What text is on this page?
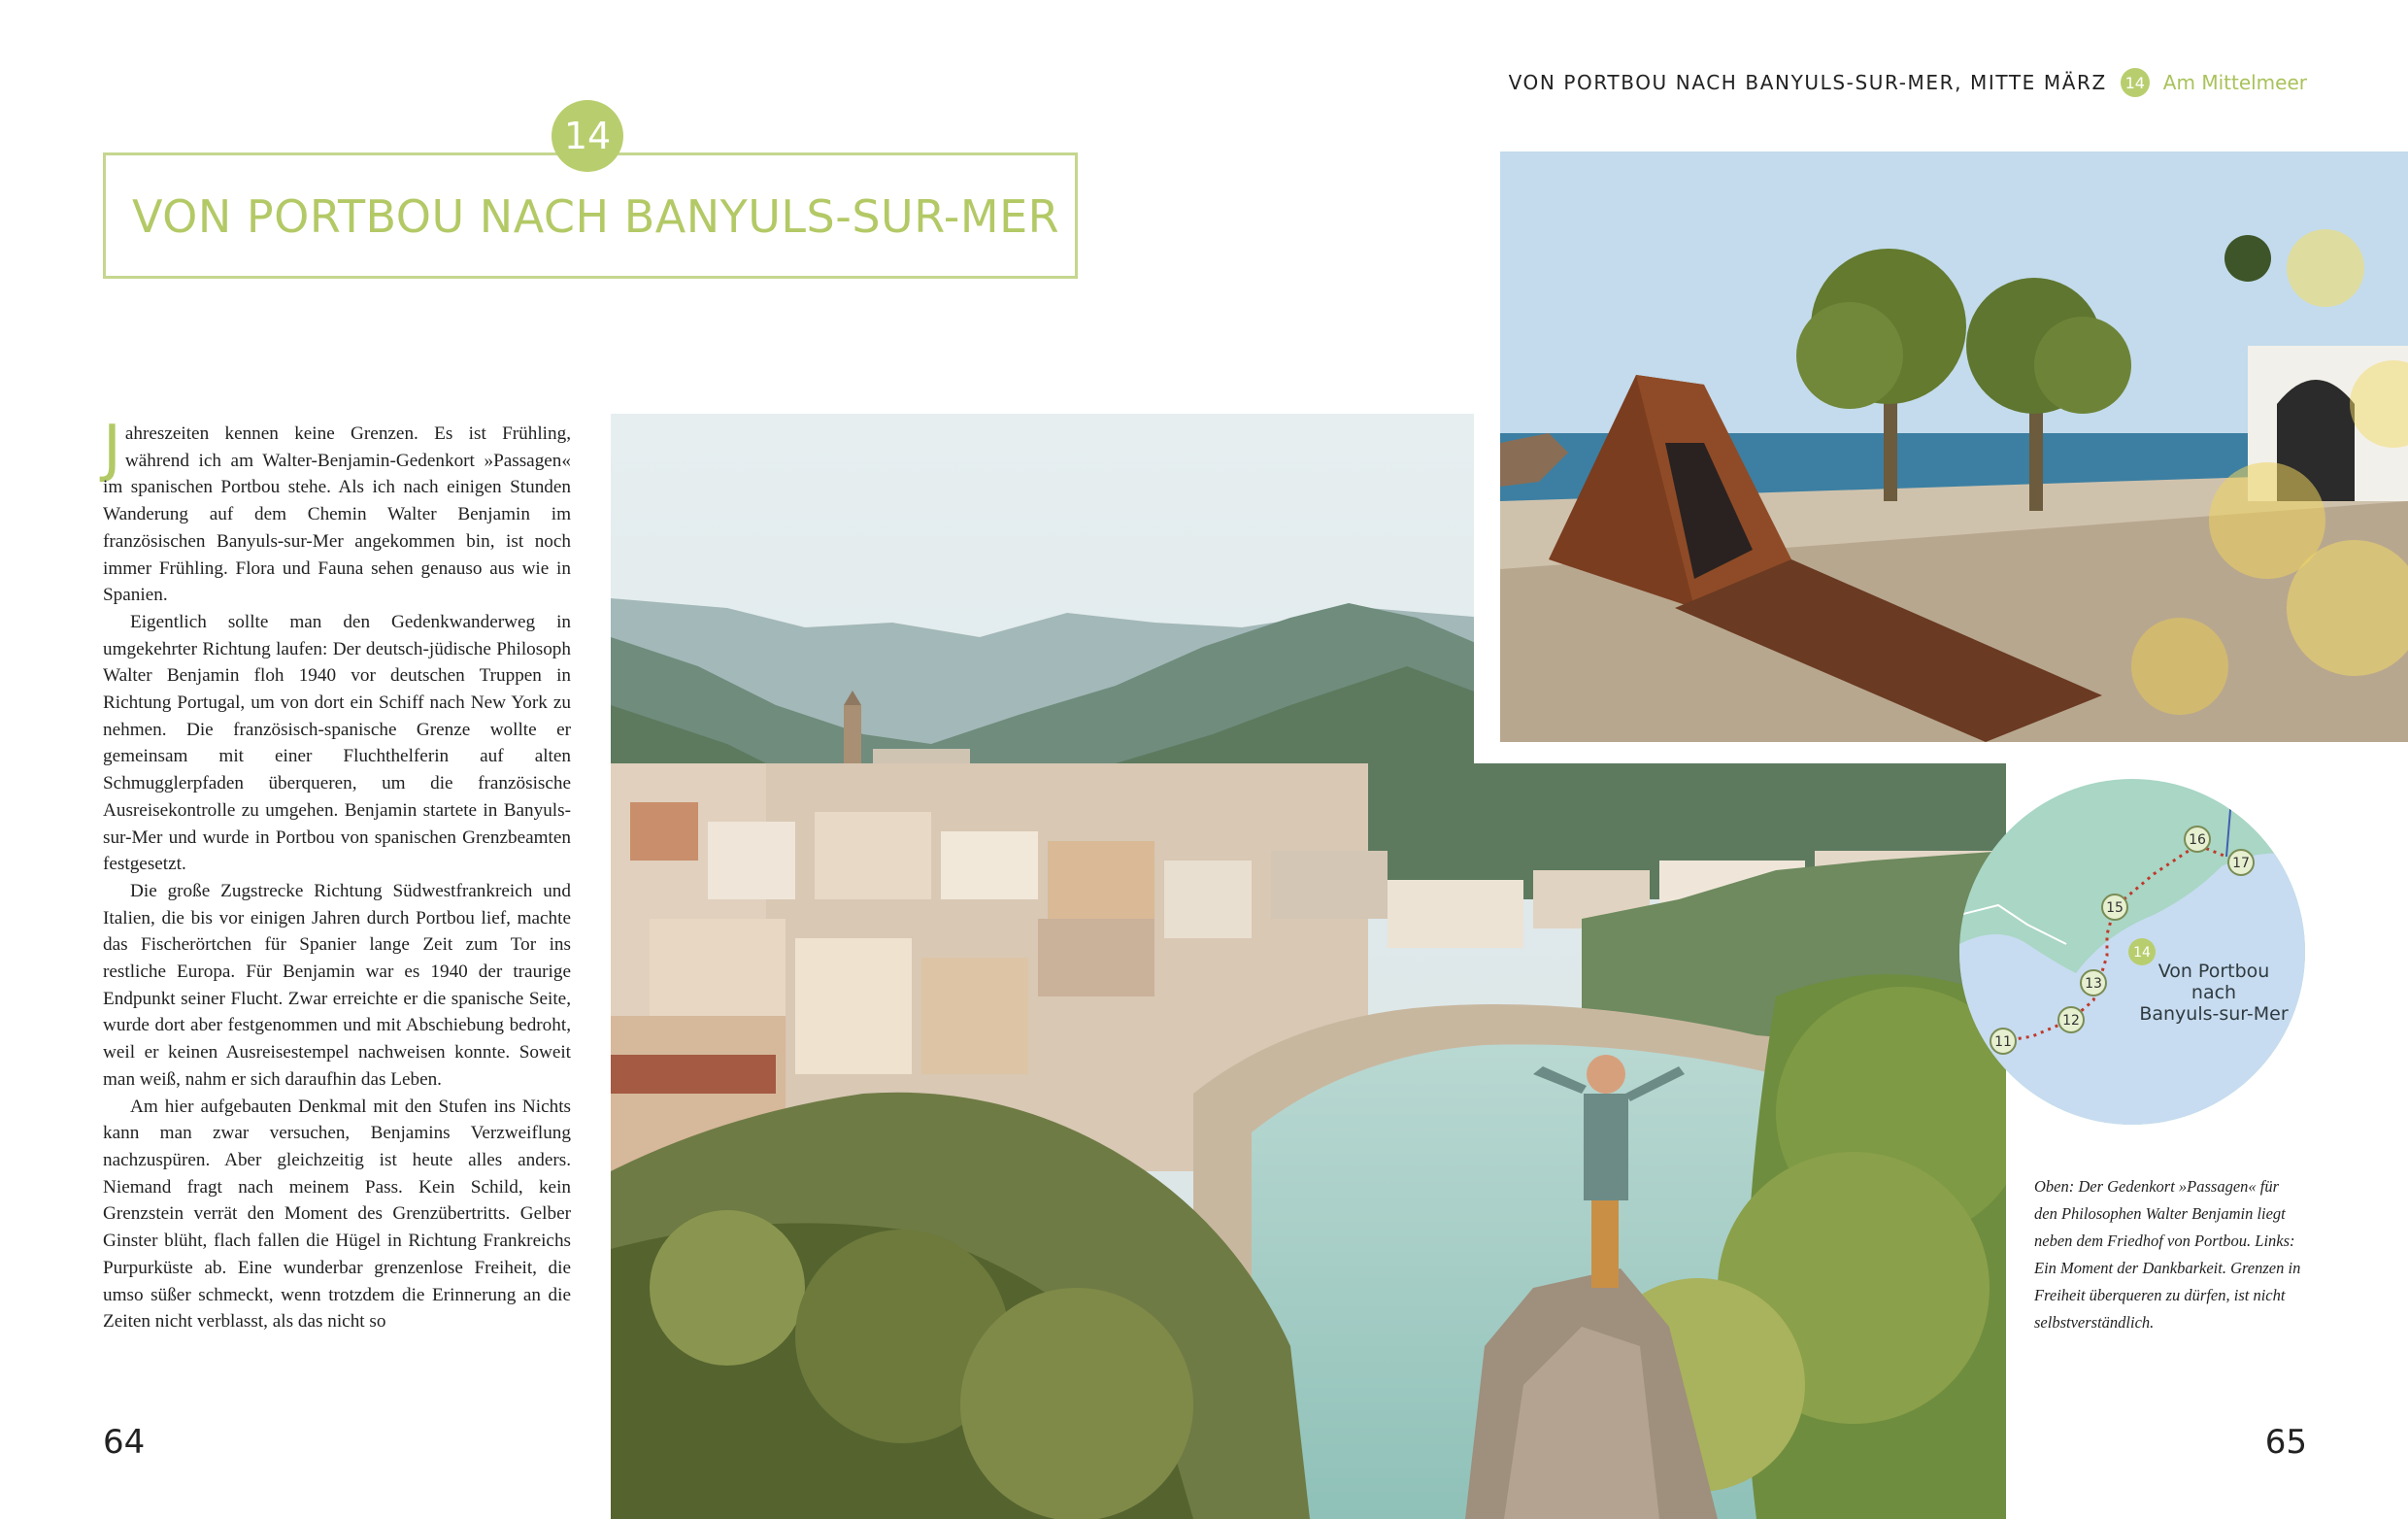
VON PORTBOU NACH BANYULS-SUR-MER, MITTE MÄRZ	14 Am Mittelmeer
14
VON PORTBOU NACH BANYULS-SUR-MER

Jahreszeiten kennen keine Grenzen. Es ist Frühling, während ich am Walter-Benjamin-Gedenkort »Passagen« im spanischen Portbou stehe. Als ich nach einigen Stunden Wanderung auf dem Chemin Walter Benjamin im französischen Banyuls-sur-Mer angekommen bin, ist noch immer Frühling. Flora und Fauna sehen genauso aus wie in Spanien.

Eigentlich sollte man den Gedenkwanderweg in umgekehrter Richtung laufen: Der deutsch-jüdische Philosoph Walter Benjamin floh 1940 vor deutschen Truppen in Richtung Portugal, um von dort ein Schiff nach New York zu nehmen. Die französisch-spanische Grenze wollte er gemeinsam mit einer Fluchthelferin auf alten Schmugglerpfaden überqueren, um die französische Ausreisekontrolle zu umgehen. Benjamin startete in Banyuls-sur-Mer und wurde in Portbou von spanischen Grenzbeamten festgesetzt.

Die große Zugstrecke Richtung Südwestfrankreich und Italien, die bis vor einigen Jahren durch Portbou lief, machte das Fischerörtchen für Spanier lange Zeit zum Tor ins restliche Europa. Für Benjamin war es 1940 der traurige Endpunkt seiner Flucht. Zwar erreichte er die spanische Seite, wurde dort aber festgenommen und mit Abschiebung bedroht, weil er keinen Ausreisestempel nachweisen konnte. Soweit man weiß, nahm er sich daraufhin das Leben.

Am hier aufgebauten Denkmal mit den Stufen ins Nichts kann man zwar versuchen, Benjamins Verzweiflung nachzuspüren. Aber gleichzeitig ist heute alles anders. Niemand fragt nach meinem Pass. Kein Schild, kein Grenzstein verrät den Moment des Grenzübertritts. Gelber Ginster blüht, flach fallen die Hügel in Richtung Frankreichs Purpurküste ab. Eine wunderbar grenzenlose Freiheit, die umso süßer schmeckt, wenn trotzdem die Erinnerung an die Zeiten nicht verblasst, als das nicht so

11
12
13
14
15
16
17
Von Portbou
nach
Banyuls-sur-Mer
Oben: Der Gedenkort »Passagen« für den Philosophen Walter Benjamin liegt neben dem Friedhof von Portbou. Links: Ein Moment der Dankbarkeit. Grenzen in Freiheit überqueren zu dürfen, ist nicht selbstverständlich.
64	65
